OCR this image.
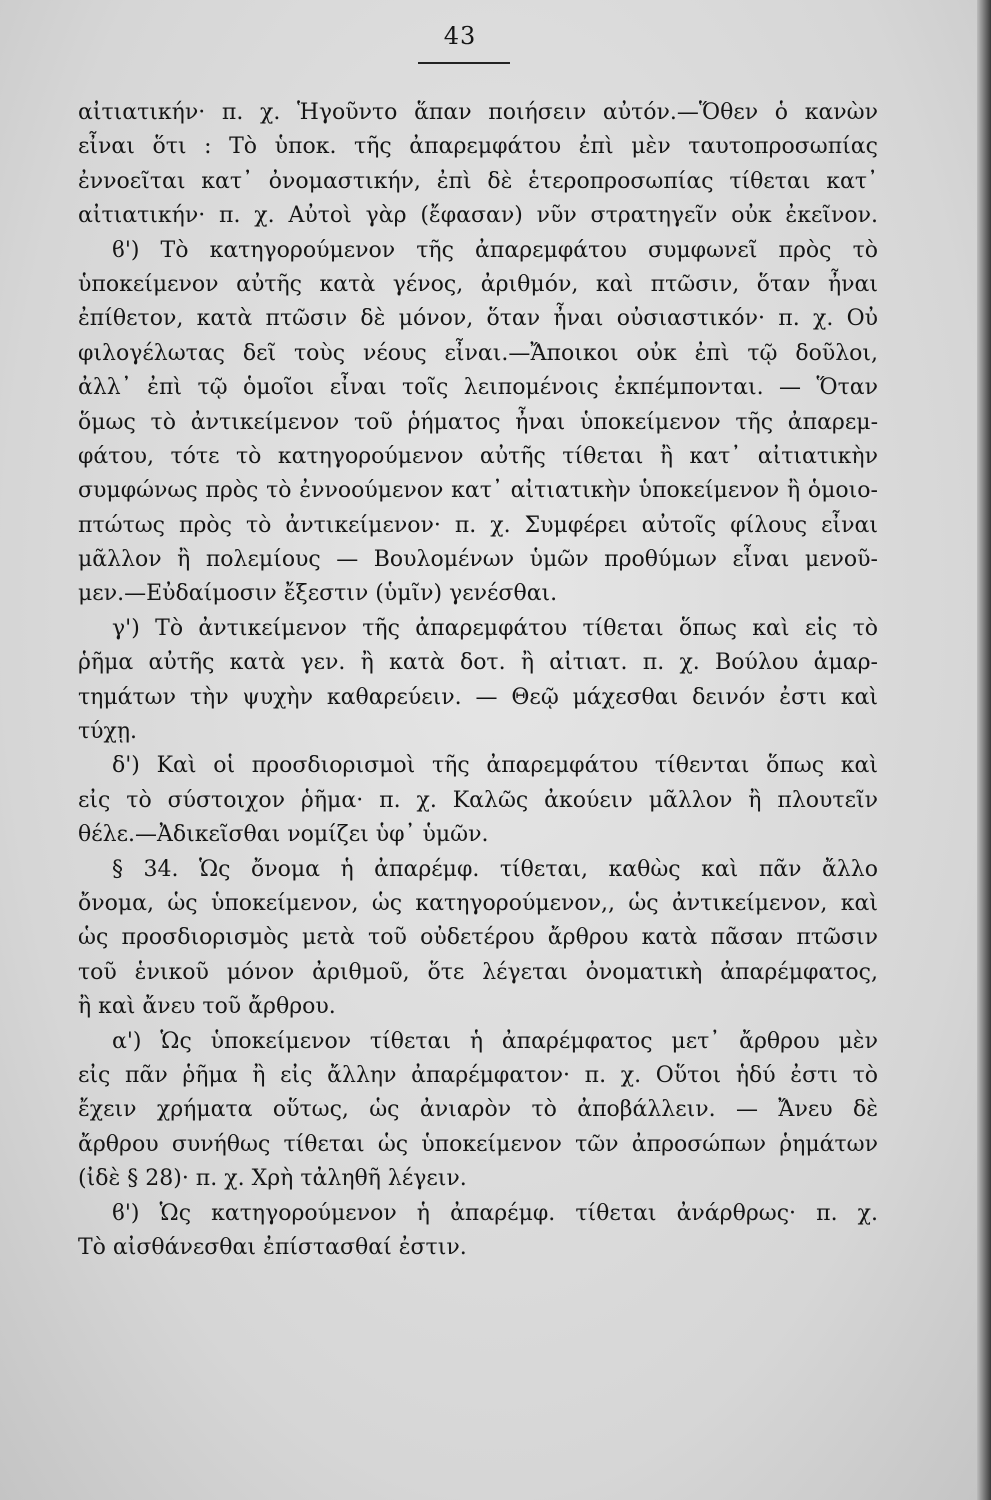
43
αἰτιατικήν· π. χ. Ἡγοῦντο ἅπαν ποιήσειν αὐτόν.—Ὅθεν ὁ κανὼν
εἶναι ὅτι : Τὸ ὑποκ. τῆς ἀπαρεμφάτου ἐπὶ μὲν ταυτοπροσωπίας
ἐννοεῖται κατ᾽ ὀνομαστικήν, ἐπὶ δὲ ἑτεροπροσωπίας τίθεται κατ᾽
αἰτιατικήν· π. χ. Αὐτοὶ γὰρ (ἔφασαν) νῦν στρατηγεῖν οὐκ ἐκεῖνον.
ϐ') Τὸ κατηγορούμενον τῆς ἀπαρεμφάτου συμφωνεῖ πρὸς τὸ
ὑποκείμενον αὐτῆς κατὰ γένος, ἀριθμόν, καὶ πτῶσιν, ὅταν ἦναι
ἐπίθετον, κατὰ πτῶσιν δὲ μόνον, ὅταν ἦναι οὐσιαστικόν· π. χ. Οὐ
φιλογέλωτας δεῖ τοὺς νέους εἶναι.—Ἄποικοι οὐκ ἐπὶ τῷ δοῦλοι,
ἀλλ᾽ ἐπὶ τῷ ὁμοῖοι εἶναι τοῖς λειπομένοις ἐκπέμπονται. — Ὅταν
ὅμως τὸ ἀντικείμενον τοῦ ῥήματος ἦναι ὑποκείμενον τῆς ἀπαρεμ-
φάτου, τότε τὸ κατηγορούμενον αὐτῆς τίθεται ἢ κατ᾽ αἰτιατικὴν
συμφώνως πρὸς τὸ ἐννοούμενον κατ᾽ αἰτιατικὴν ὑποκείμενον ἢ ὁμοιο-
πτώτως πρὸς τὸ ἀντικείμενον· π. χ. Συμφέρει αὐτοῖς φίλους εἶναι
μᾶλλον ἢ πολεμίους — Βουλομένων ὑμῶν προθύμων εἶναι μενοῦ-
μεν.—Εὐδαίμοσιν ἔξεστιν (ὑμῖν) γενέσθαι.
γ') Τὸ ἀντικείμενον τῆς ἀπαρεμφάτου τίθεται ὅπως καὶ εἰς τὸ
ῥῆμα αὐτῆς κατὰ γεν. ἢ κατὰ δοτ. ἢ αἰτιατ. π. χ. Βούλου ἁμαρ-
τημάτων τὴν ψυχὴν καθαρεύειν. — Θεῷ μάχεσθαι δεινόν ἐστι καὶ
τύχῃ.
δ') Καὶ οἱ προσδιορισμοὶ τῆς ἀπαρεμφάτου τίθενται ὅπως καὶ
εἰς τὸ σύστοιχον ῥῆμα· π. χ. Καλῶς ἀκούειν μᾶλλον ἢ πλουτεῖν
θέλε.—Ἀδικεῖσθαι νομίζει ὑφ᾽ ὑμῶν.
§ 34. Ὡς ὄνομα ἡ ἀπαρέμφ. τίθεται, καθὼς καὶ πᾶν ἄλλο
ὄνομα, ὡς ὑποκείμενον, ὡς κατηγορούμενον,, ὡς ἀντικείμενον, καὶ
ὡς προσδιορισμὸς μετὰ τοῦ οὐδετέρου ἄρθρου κατὰ πᾶσαν πτῶσιν
τοῦ ἑνικοῦ μόνον ἀριθμοῦ, ὅτε λέγεται ὀνοματικὴ ἀπαρέμφατος,
ἢ καὶ ἄνευ τοῦ ἄρθρου.
α') Ὡς ὑποκείμενον τίθεται ἡ ἀπαρέμφατος μετ᾽ ἄρθρου μὲν
εἰς πᾶν ῥῆμα ἢ εἰς ἄλλην ἀπαρέμφατον· π. χ. Οὕτοι ἡδύ ἐστι τὸ
ἔχειν χρήματα οὕτως, ὡς ἀνιαρὸν τὸ ἀποβάλλειν. — Ἄνευ δὲ
ἄρθρου συνήθως τίθεται ὡς ὑποκείμενον τῶν ἀπροσώπων ῥημάτων
(ἰδὲ § 28)· π. χ. Χρὴ τἀληθῆ λέγειν.
ϐ') Ὡς κατηγορούμενον ἡ ἀπαρέμφ. τίθεται ἀνάρθρως· π. χ.
Τὸ αἰσθάνεσθαι ἐπίστασθαί ἐστιν.
